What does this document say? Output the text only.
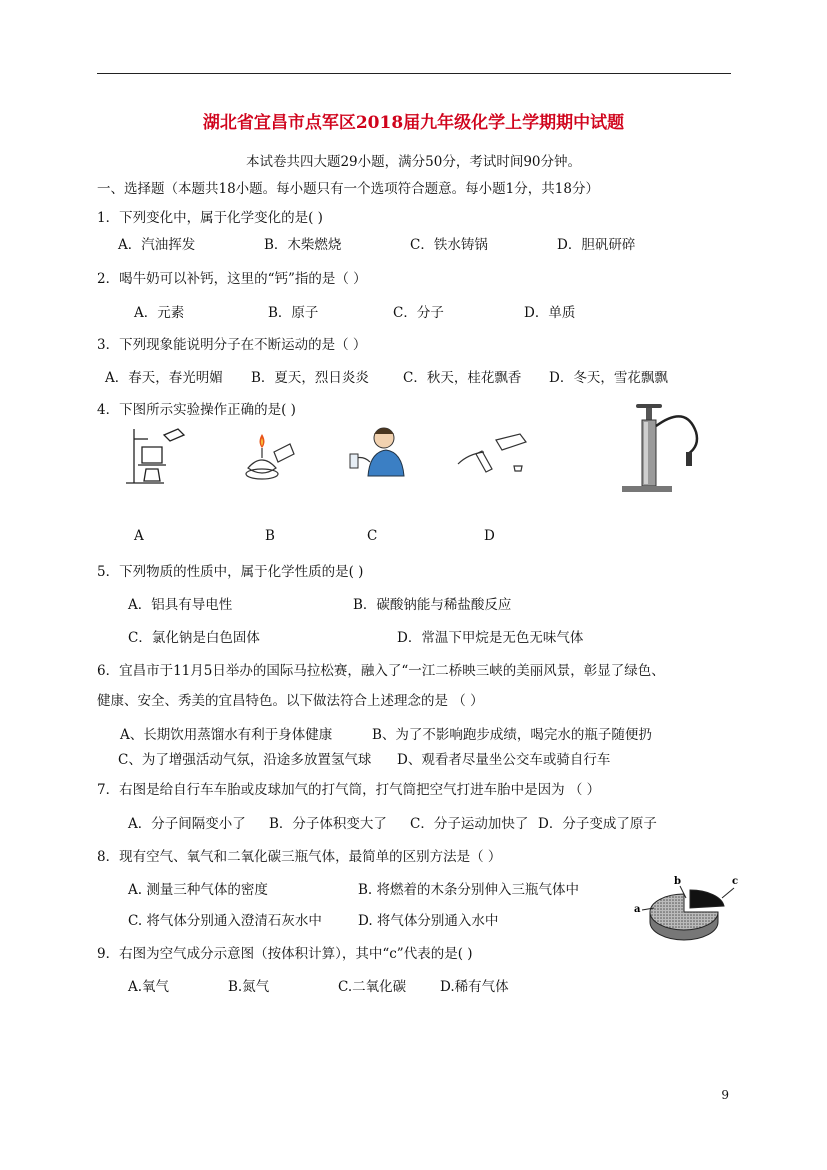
湖北省宜昌市点军区2018届九年级化学上学期期中试题
本试卷共四大题29小题，满分50分，考试时间90分钟。
一、选择题（本题共18小题。每小题只有一个选项符合题意。每小题1分，共18分）
1．下列变化中，属于化学变化的是( )
A．汽油挥发	B．木柴燃烧	C．铁水铸锅	D．胆矾研碎
2．喝牛奶可以补钙，这里的“钙”指的是（ ）
A．元素	B．原子	C．分子	D．单质
3．下列现象能说明分子在不断运动的是（ ）
A．春天，春光明媚 B．夏天，烈日炎炎	C．秋天，桂花飘香 D．冬天，雪花飘飘
4．下图所示实验操作正确的是( )
A	B	C	D
5．下列物质的性质中，属于化学性质的是( )
A．铝具有导电性	B．碳酸钠能与稀盐酸反应
C．氯化钠是白色固体	D．常温下甲烷是无色无味气体
6．宜昌市于11月5日举办的国际马拉松赛，融入了“一江二桥映三峡的美丽风景，彰显了绿色、
健康、安全、秀美的宜昌特色。以下做法符合上述理念的是 （ ）
A、长期饮用蒸馏水有利于身体健康	B、为了不影响跑步成绩，喝完水的瓶子随便扔
C、为了增强活动气氛，沿途多放置氢气球 D、观看者尽量坐公交车或骑自行车
7．右图是给自行车车胎或皮球加气的打气筒，打气筒把空气打进车胎中是因为 （ ）
A．分子间隔变小了 B．分子体积变大了 C．分子运动加快了 D．分子变成了原子
8．现有空气、氧气和二氧化碳三瓶气体，最简单的区别方法是（ ）
A. 测量三种气体的密度	B. 将燃着的木条分别伸入三瓶气体中
C. 将气体分别通入澄清石灰水中	D. 将气体分别通入水中
b	c
a
9．右图为空气成分示意图（按体积计算），其中“c”代表的是( )
A.氧气	B.氮气	C.二氧化碳	D.稀有气体
9
